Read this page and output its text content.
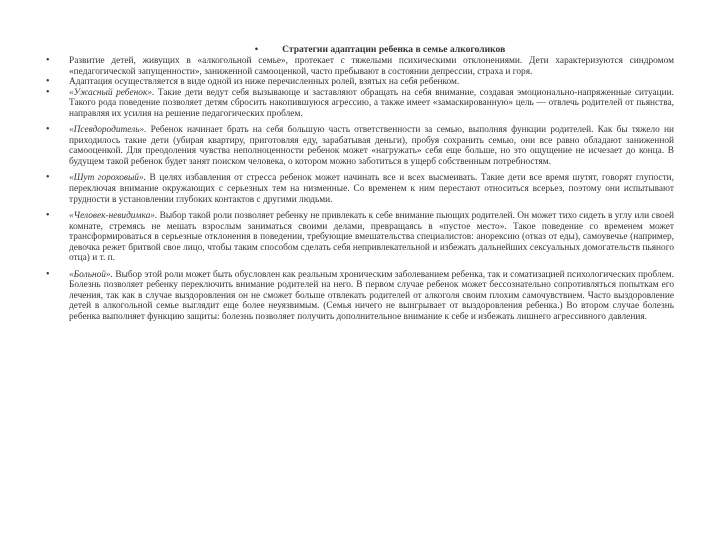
•	Стратегии адаптации ребенка в семье алкоголиков
• Развитие детей, живущих в «алкогольной семье», протекает с тяжелыми психическими отклонениями. Дети характеризуются синдромом «педагогической запущенности», заниженной самооценкой, часто пребывают в состоянии депрессии, страха и горя.
• Адаптация осуществляется в виде одной из ниже перечисленных ролей, взятых на себя ребенком.
• «Ужасный ребенок». Такие дети ведут себя вызывающе и заставляют обращать на себя внимание, создавая эмоционально-напряженные ситуации. Такого рода поведение позволяет детям сбросить накопившуюся агрессию, а также имеет «замаскированную» цель — отвлечь родителей от пьянства, направляя их усилия на решение педагогических проблем.
• «Псевдородитель». Ребенок начинает брать на себя большую часть ответственности за семью, выполняя функции родителей. Как бы тяжело ни приходилось такие дети (убирая квартиру, приготовляя еду, зарабатывая деньги), пробуя сохранить семью, они все равно обладают заниженной самооценкой. Для преодоления чувства неполноценности ребенок может «нагружать» себя еще больше, но это ощущение не исчезает до конца. В будущем такой ребенок будет занят поиском человека, о котором можно заботиться в ущерб собственным потребностям.
• «Шут гороховый». В целях избавления от стресса ребенок может начинать все и всех высмеивать. Такие дети все время шутят, говорят глупости, переключая внимание окружающих с серьезных тем на низменные. Со временем к ним перестают относиться всерьез, поэтому они испытывают трудности в установлении глубоких контактов с другими людьми.
• «Человек-невидимка». Выбор такой роли позволяет ребенку не привлекать к себе внимание пьющих родителей. Он может тихо сидеть в углу или своей комнате, стремясь не мешать взрослым заниматься своими делами, превращаясь в «пустое место». Такое поведение со временем может трансформироваться в серьезные отклонения в поведении, требующие вмешательства специалистов: анорексию (отказ от еды), самоувечье (например, девочка режет бритвой свое лицо, чтобы таким способом сделать себя непривлекательной и избежать дальнейших сексуальных домогательств пьяного отца) и т. п.
• «Больной». Выбор этой роли может быть обусловлен как реальным хроническим заболеванием ребенка, так и соматизацией психологических проблем. Болезнь позволяет ребенку переключить внимание родителей на него. В первом случае ребенок может бессознательно сопротивляться попыткам его лечения, так как в случае выздоровления он не сможет больше отвлекать родителей от алкоголя своим плохим самочувствием. Часто выздоровление детей в алкогольной семье выглядит еще более неуязвимым. (Семья ничего не выигрывает от выздоровления ребенка.) Во втором случае болезнь ребенка выполняет функцию защиты: болезнь позволяет получить дополнительное внимание к себе и избежать лишнего агрессивного давления.
